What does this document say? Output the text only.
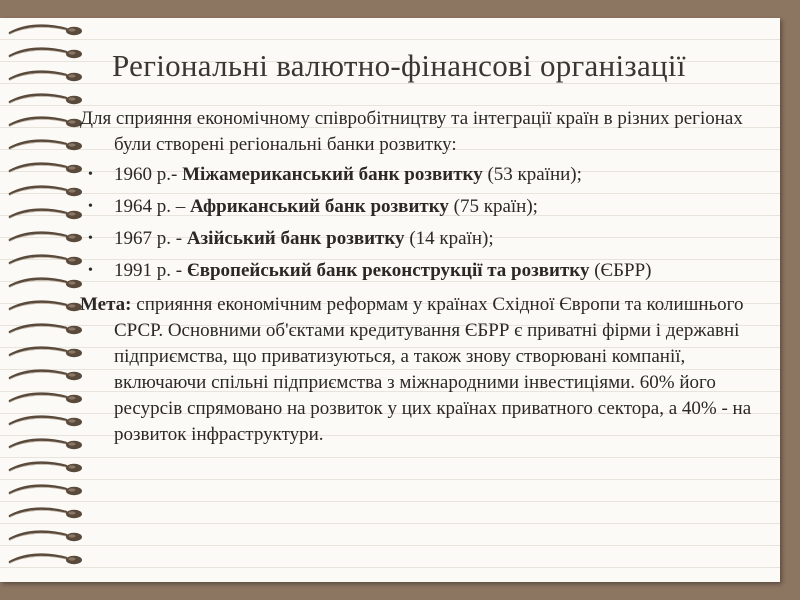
Регіональні валютно-фінансові організації

Для сприяння економічному співробітництву та інтеграції країн в різних регіонах були створені регіональні банки розвитку:

• 1960 р.- Міжамериканський банк розвитку (53 країни);
• 1964 р. – Африканський банк розвитку (75 країн);
• 1967 р. - Азійський банк розвитку (14 країн);
• 1991 р. - Європейський банк реконструкції та розвитку (ЄБРР)

Мета: сприяння економічним реформам у країнах Східної Європи та колишнього СРСР. Основними об'єктами кредитування ЄБРР є приватні фірми і державні підприємства, що приватизуються, а також знову створювані компанії, включаючи спільні підприємства з міжнародними інвестиціями. 60% його ресурсів спрямовано на розвиток у цих країнах приватного сектора, а 40% - на розвиток інфраструктури.
